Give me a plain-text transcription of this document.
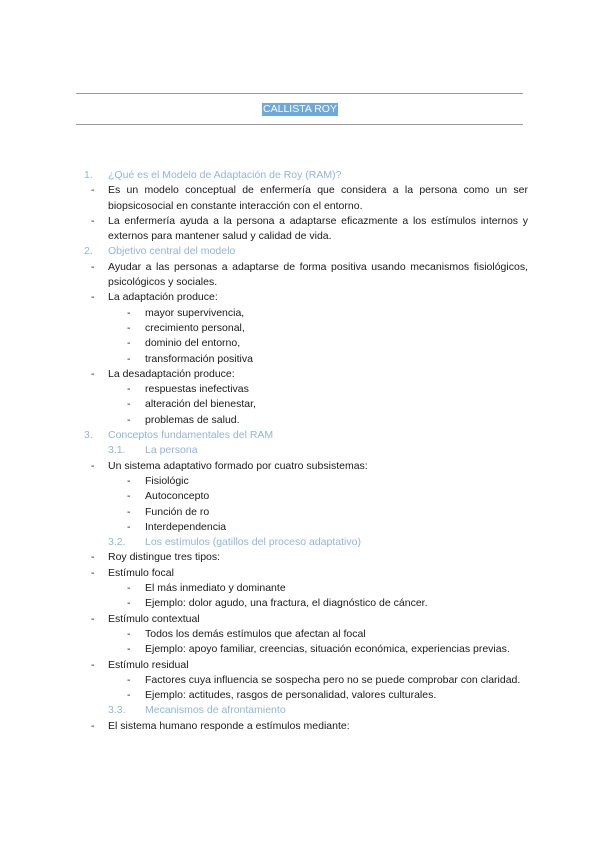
CALLISTA ROY
1. ¿Qué es el Modelo de Adaptación de Roy (RAM)?
- Es un modelo conceptual de enfermería que considera a la persona como un ser biopsicosocial en constante interacción con el entorno.
- La enfermería ayuda a la persona a adaptarse eficazmente a los estímulos internos y externos para mantener salud y calidad de vida.
2. Objetivo central del modelo
- Ayudar a las personas a adaptarse de forma positiva usando mecanismos fisiológicos, psicológicos y sociales.
- La adaptación produce:
- mayor supervivencia,
- crecimiento personal,
- dominio del entorno,
- transformación positiva
- La desadaptación produce:
- respuestas inefectivas
- alteración del bienestar,
- problemas de salud.
3. Conceptos fundamentales del RAM
3.1. La persona
- Un sistema adaptativo formado por cuatro subsistemas:
- Fisiológic
- Autoconcepto
- Función de ro
- Interdependencia
3.2. Los estímulos (gatillos del proceso adaptativo)
- Roy distingue tres tipos:
- Estímulo focal
- El más inmediato y dominante
- Ejemplo: dolor agudo, una fractura, el diagnóstico de cáncer.
- Estímulo contextual
- Todos los demás estímulos que afectan al focal
- Ejemplo: apoyo familiar, creencias, situación económica, experiencias previas.
- Estímulo residual
- Factores cuya influencia se sospecha pero no se puede comprobar con claridad.
- Ejemplo: actitudes, rasgos de personalidad, valores culturales.
3.3. Mecanismos de afrontamiento
- El sistema humano responde a estímulos mediante:
